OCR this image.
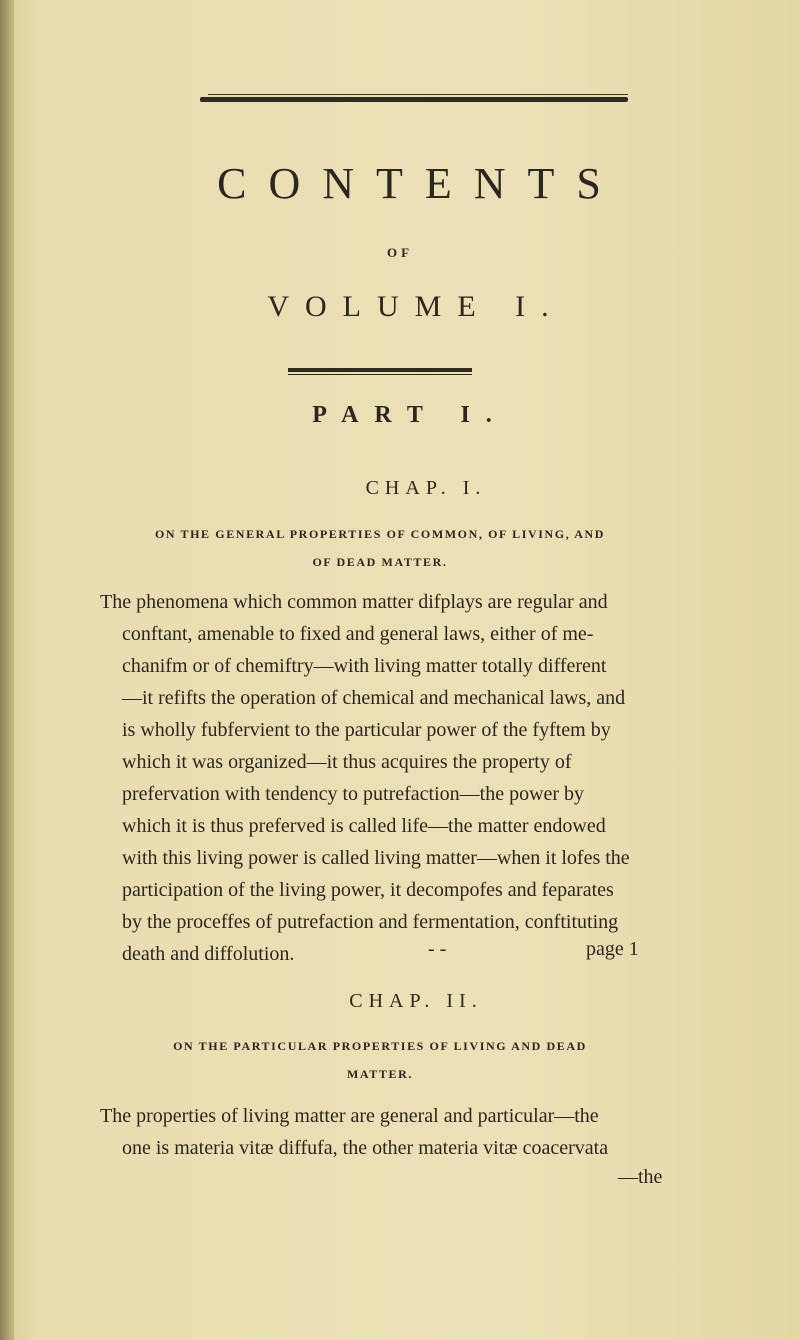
CONTENTS
OF
VOLUME I.
PART I.
CHAP. I.
ON THE GENERAL PROPERTIES OF COMMON, OF LIVING, AND
OF DEAD MATTER.
The phenomena which common matter difplays are regular and
conftant, amenable to fixed and general laws, either of me-
chanifm or of chemiftry—with living matter totally different
—it refifts the operation of chemical and mechanical laws, and
is wholly fubfervient to the particular power of the fyftem by
which it was organized—it thus acquires the property of
prefervation with tendency to putrefaction—the power by
which it is thus preferved is called life—the matter endowed
with this living power is called living matter—when it lofes the
participation of the living power, it decompofes and feparates
by the proceffes of putrefaction and fermentation, conftituting
death and diffolution.	- -	page 1
CHAP. II.
ON THE PARTICULAR PROPERTIES OF LIVING AND DEAD
MATTER.
The properties of living matter are general and particular—the
one is materia vitæ diffufa, the other materia vitæ coacervata
—the
